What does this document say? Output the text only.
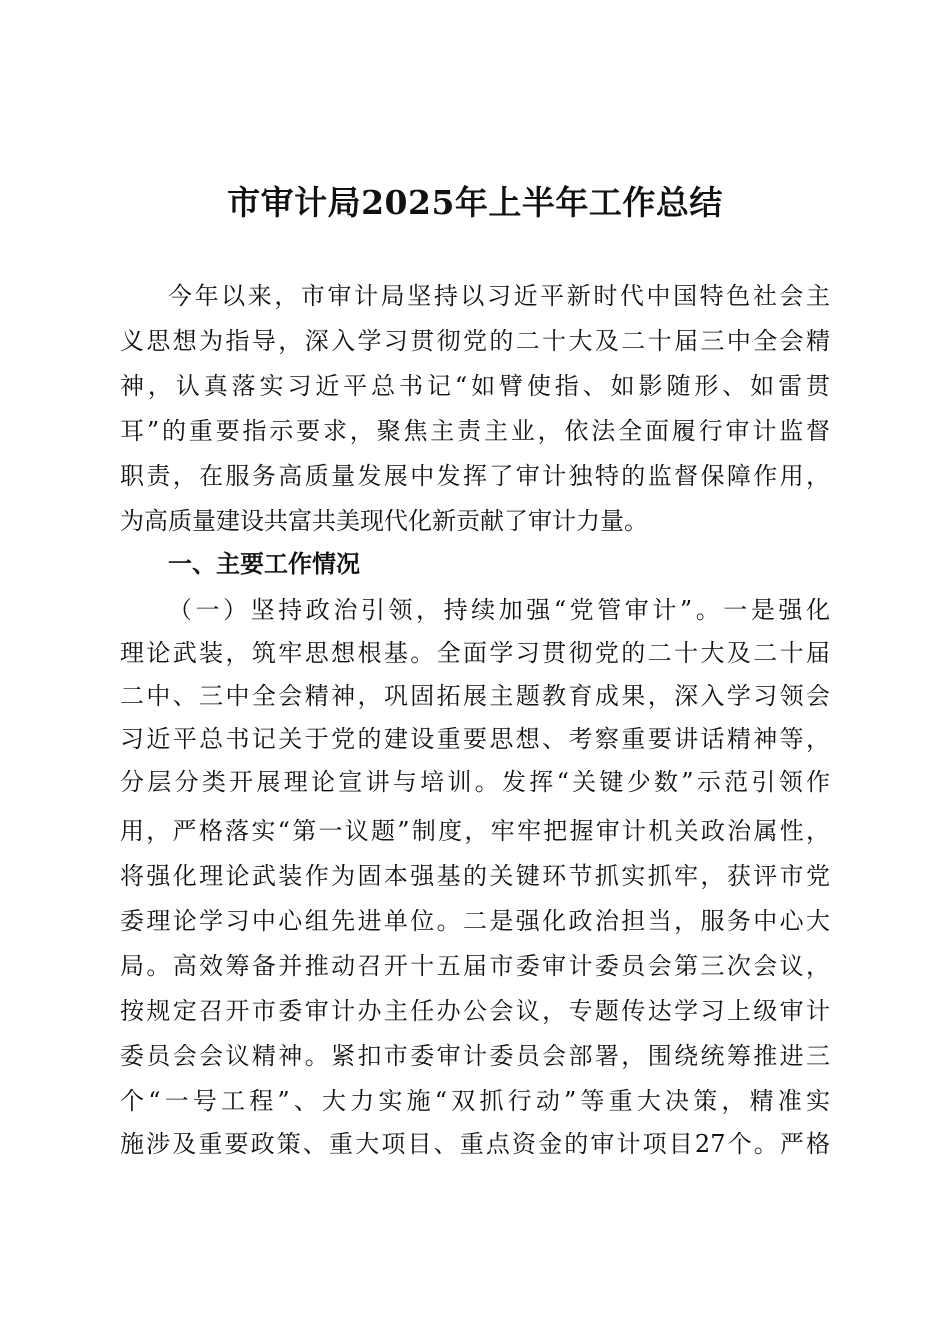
市审计局2025年上半年工作总结
今年以来，市审计局坚持以习近平新时代中国特色社会主
义思想为指导，深入学习贯彻党的二十大及二十届三中全会精
神，认真落实习近平总书记“如臂使指、如影随形、如雷贯
耳”的重要指示要求，聚焦主责主业，依法全面履行审计监督
职责，在服务高质量发展中发挥了审计独特的监督保障作用，
为高质量建设共富共美现代化新贡献了审计力量。
一、主要工作情况
（一）坚持政治引领，持续加强“党管审计”。一是强化
理论武装，筑牢思想根基。全面学习贯彻党的二十大及二十届
二中、三中全会精神，巩固拓展主题教育成果，深入学习领会
习近平总书记关于党的建设重要思想、考察重要讲话精神等，
分层分类开展理论宣讲与培训。发挥“关键少数”示范引领作
用，严格落实“第一议题”制度，牢牢把握审计机关政治属性，
将强化理论武装作为固本强基的关键环节抓实抓牢，获评市党
委理论学习中心组先进单位。二是强化政治担当，服务中心大
局。高效筹备并推动召开十五届市委审计委员会第三次会议，
按规定召开市委审计办主任办公会议，专题传达学习上级审计
委员会会议精神。紧扣市委审计委员会部署，围绕统筹推进三
个“一号工程”、大力实施“双抓行动”等重大决策，精准实
施涉及重要政策、重大项目、重点资金的审计项目27个。严格
